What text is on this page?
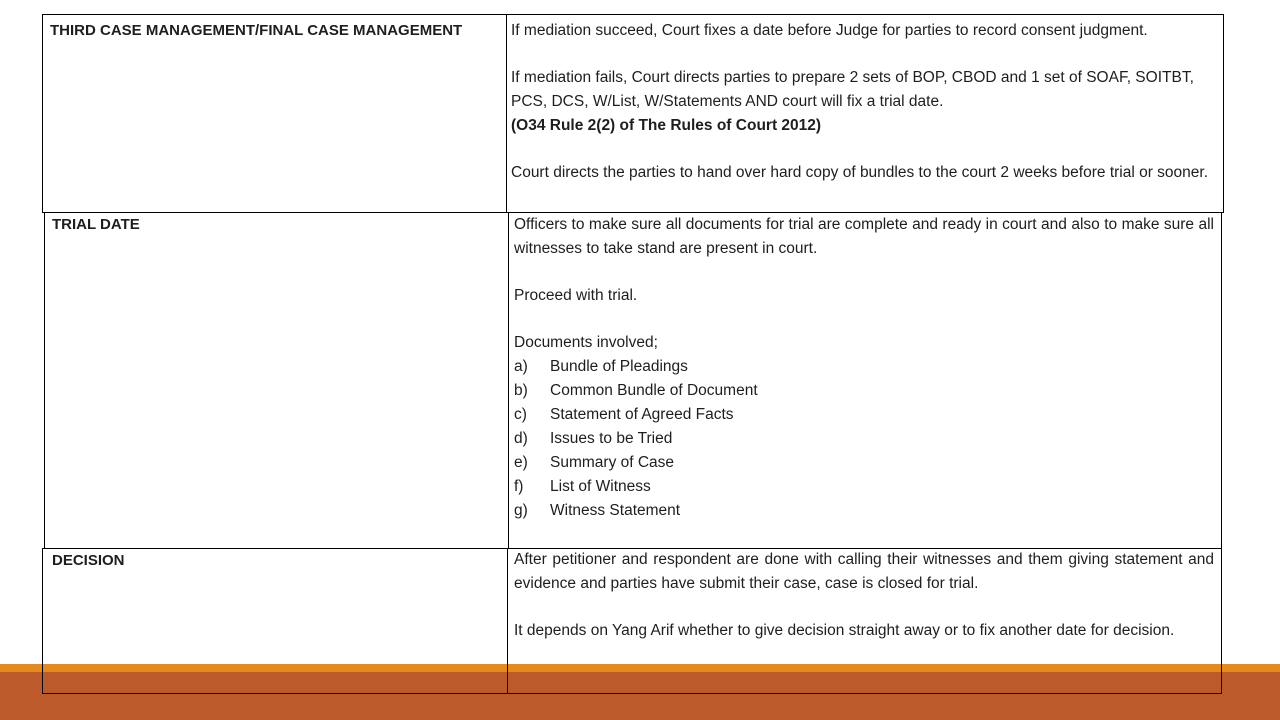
THIRD CASE MANAGEMENT/FINAL CASE MANAGEMENT	If mediation succeed, Court fixes a date before Judge for parties to record consent judgment.

If mediation fails, Court directs parties to prepare 2 sets of BOP, CBOD and 1 set of SOAF, SOITBT, PCS, DCS, W/List, W/Statements AND court will fix a trial date.

(O34 Rule 2(2) of The Rules of Court 2012)

Court directs the parties to hand over hard copy of bundles to the court 2 weeks before trial or sooner.

TRIAL DATE	Officers to make sure all documents for trial are complete and ready in court and also to make sure all witnesses to take stand are present in court.

Proceed with trial.

Documents involved;

a)	Bundle of Pleadings
b)	Common Bundle of Document
c)	Statement of Agreed Facts
d)	Issues to be Tried
e)	Summary of Case
f)	List of Witness
g)	Witness Statement
DECISION	After petitioner and respondent are done with calling their witnesses and them giving statement and evidence and parties have submit their case, case is closed for trial.

It depends on Yang Arif whether to give decision straight away or to fix another date for decision.
